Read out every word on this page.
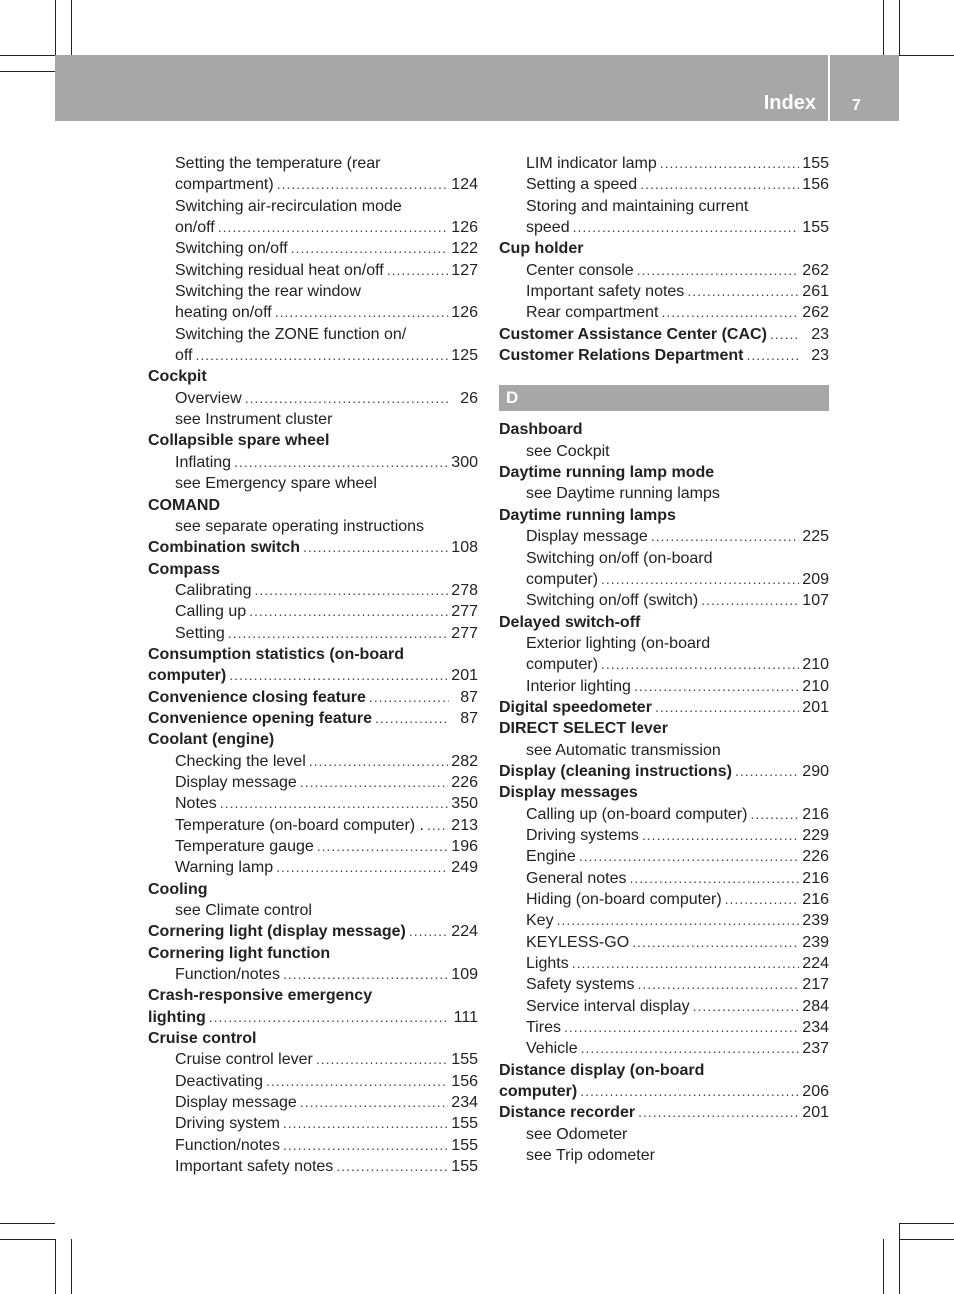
Index 7
Setting the temperature (rear
compartment) .....	124
Switching air-recirculation mode
on/off .....	126
Switching on/off .....	122
Switching residual heat on/off .....	127
Switching the rear window
heating on/off .....	126
Switching the ZONE function on/
off .....	125
Cockpit
Overview .....	26
see Instrument cluster
Collapsible spare wheel
Inflating .....	300
see Emergency spare wheel
COMAND
see separate operating instructions
Combination switch .....	108
Compass
Calibrating .....	278
Calling up .....	277
Setting .....	277
Consumption statistics (on-board
computer) .....	201
Convenience closing feature .....	87
Convenience opening feature .....	87
Coolant (engine)
Checking the level .....	282
Display message .....	226
Notes .....	350
Temperature (on-board computer) . ..... 213
Temperature gauge .....	196
Warning lamp .....	249
Cooling
see Climate control
Cornering light (display message) .....	224
Cornering light function
Function/notes .....	109
Crash-responsive emergency
lighting .....	111
Cruise control
Cruise control lever .....	155
Deactivating .....	156
Display message .....	234
Driving system .....	155
Function/notes .....	155
Important safety notes .....	155
LIM indicator lamp .....	155
Setting a speed .....	156
Storing and maintaining current
speed .....	155
Cup holder
Center console .....	262
Important safety notes .....	261
Rear compartment .....	262
Customer Assistance Center (CAC) .....	23
Customer Relations Department .....	23
D
Dashboard
see Cockpit
Daytime running lamp mode
see Daytime running lamps
Daytime running lamps
Display message .....	225
Switching on/off (on-board
computer) .....	209
Switching on/off (switch) .....	107
Delayed switch-off
Exterior lighting (on-board
computer) .....	210
Interior lighting .....	210
Digital speedometer .....	201
DIRECT SELECT lever
see Automatic transmission
Display (cleaning instructions) .....	290
Display messages
Calling up (on-board computer) .....	216
Driving systems .....	229
Engine .....	226
General notes .....	216
Hiding (on-board computer) .....	216
Key .....	239
KEYLESS-GO .....	239
Lights .....	224
Safety systems .....	217
Service interval display .....	284
Tires .....	234
Vehicle .....	237
Distance display (on-board
computer) .....	206
Distance recorder .....	201
see Odometer
see Trip odometer
